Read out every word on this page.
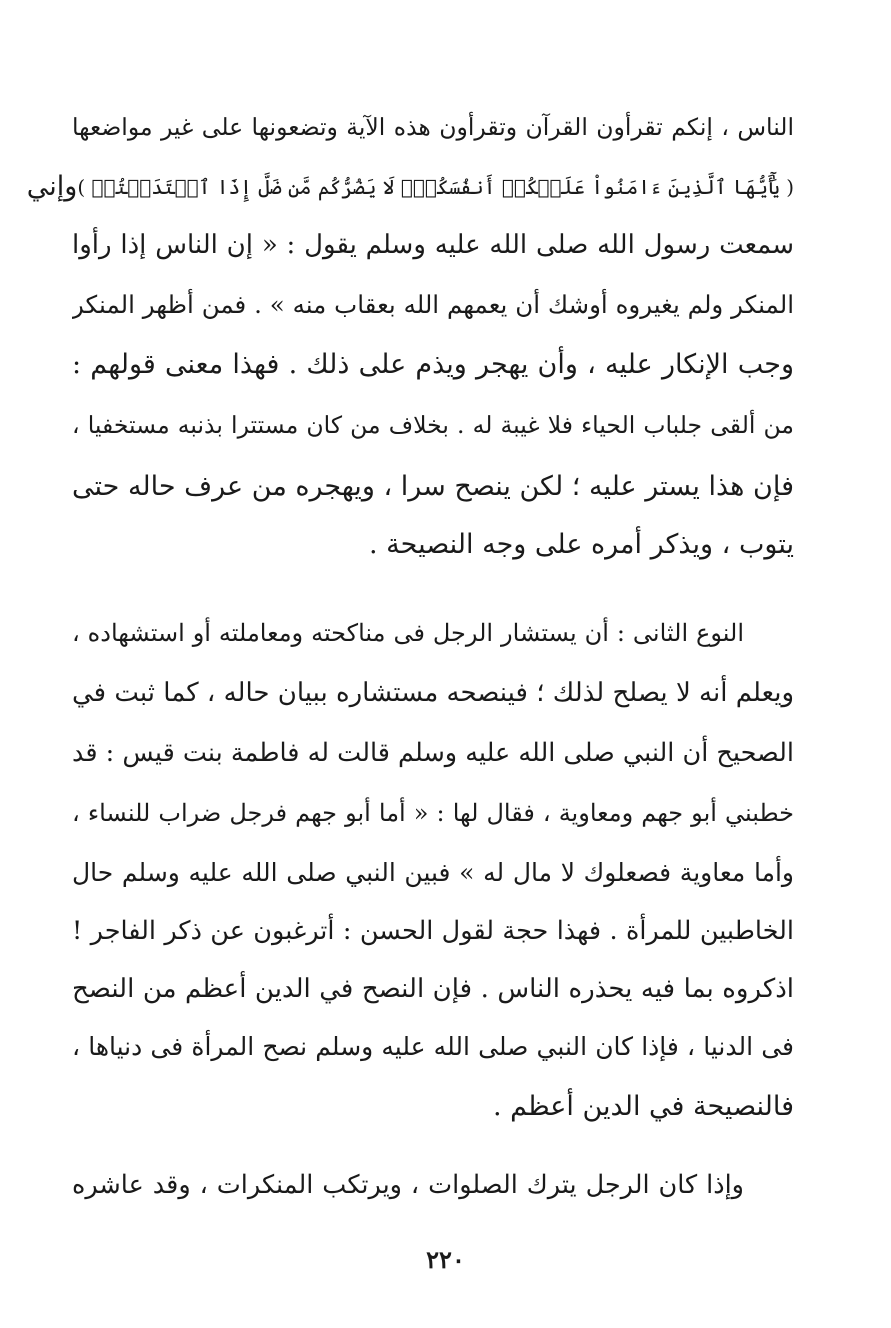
الناس ، إنكم تقرأون القرآن وتقرأون هذه الآية وتضعونها على غير مواضعها
( يَٰٓأَيُّهَا ٱلَّذِينَ ءَامَنُواْ عَلَيۡكُمۡ أَنفُسَكُمۡۖ لَا يَضُرُّكُم مَّن ضَلَّ إِذَا ٱهۡتَدَيۡتُمۡ )
وإني
سمعت رسول الله صلى الله عليه وسلم يقول : « إن الناس إذا رأوا
المنكر ولم يغيروه أوشك أن يعمهم الله بعقاب منه » . فمن أظهر المنكر
وجب الإنكار عليه ، وأن يهجر ويذم على ذلك . فهذا معنى قولهم :
من ألقى جلباب الحياء فلا غيبة له . بخلاف من كان مستترا بذنبه مستخفيا ،
فإن هذا يستر عليه ؛ لكن ينصح سرا ، ويهجره من عرف حاله حتى
يتوب ، ويذكر أمره على وجه النصيحة .
النوع الثانى : أن يستشار الرجل فى مناكحته ومعاملته أو استشهاده ،
ويعلم أنه لا يصلح لذلك ؛ فينصحه مستشاره ببيان حاله ، كما ثبت في
الصحيح أن النبي صلى الله عليه وسلم قالت له فاطمة بنت قيس : قد
خطبني أبو جهم ومعاوية ، فقال لها : « أما أبو جهم فرجل ضراب للنساء ،
وأما معاوية فصعلوك لا مال له » فبين النبي صلى الله عليه وسلم حال
الخاطبين للمرأة . فهذا حجة لقول الحسن : أترغبون عن ذكر الفاجر !
اذكروه بما فيه يحذره الناس . فإن النصح في الدين أعظم من النصح
فى الدنيا ، فإذا كان النبي صلى الله عليه وسلم نصح المرأة فى دنياها ،
فالنصيحة في الدين أعظم .
وإذا كان الرجل يترك الصلوات ، ويرتكب المنكرات ، وقد عاشره
٢٢٠
